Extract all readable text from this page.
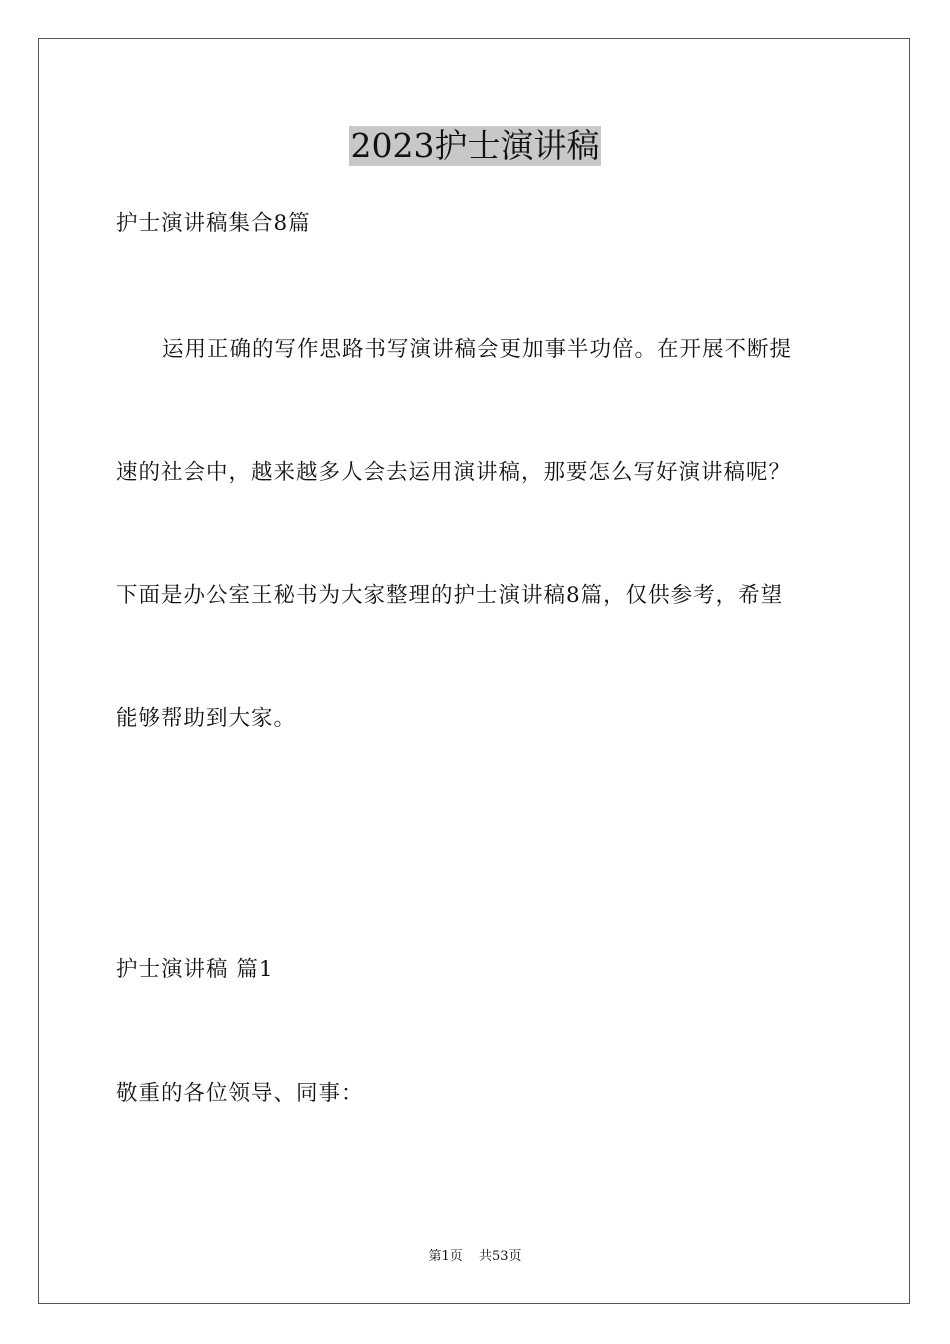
2023护士演讲稿
护士演讲稿集合8篇
运用正确的写作思路书写演讲稿会更加事半功倍。在开展不断提
速的社会中，越来越多人会去运用演讲稿，那要怎么写好演讲稿呢？
下面是办公室王秘书为大家整理的护士演讲稿8篇，仅供参考，希望
能够帮助到大家。
护士演讲稿 篇1
敬重的各位领导、同事：
第1页 共53页
